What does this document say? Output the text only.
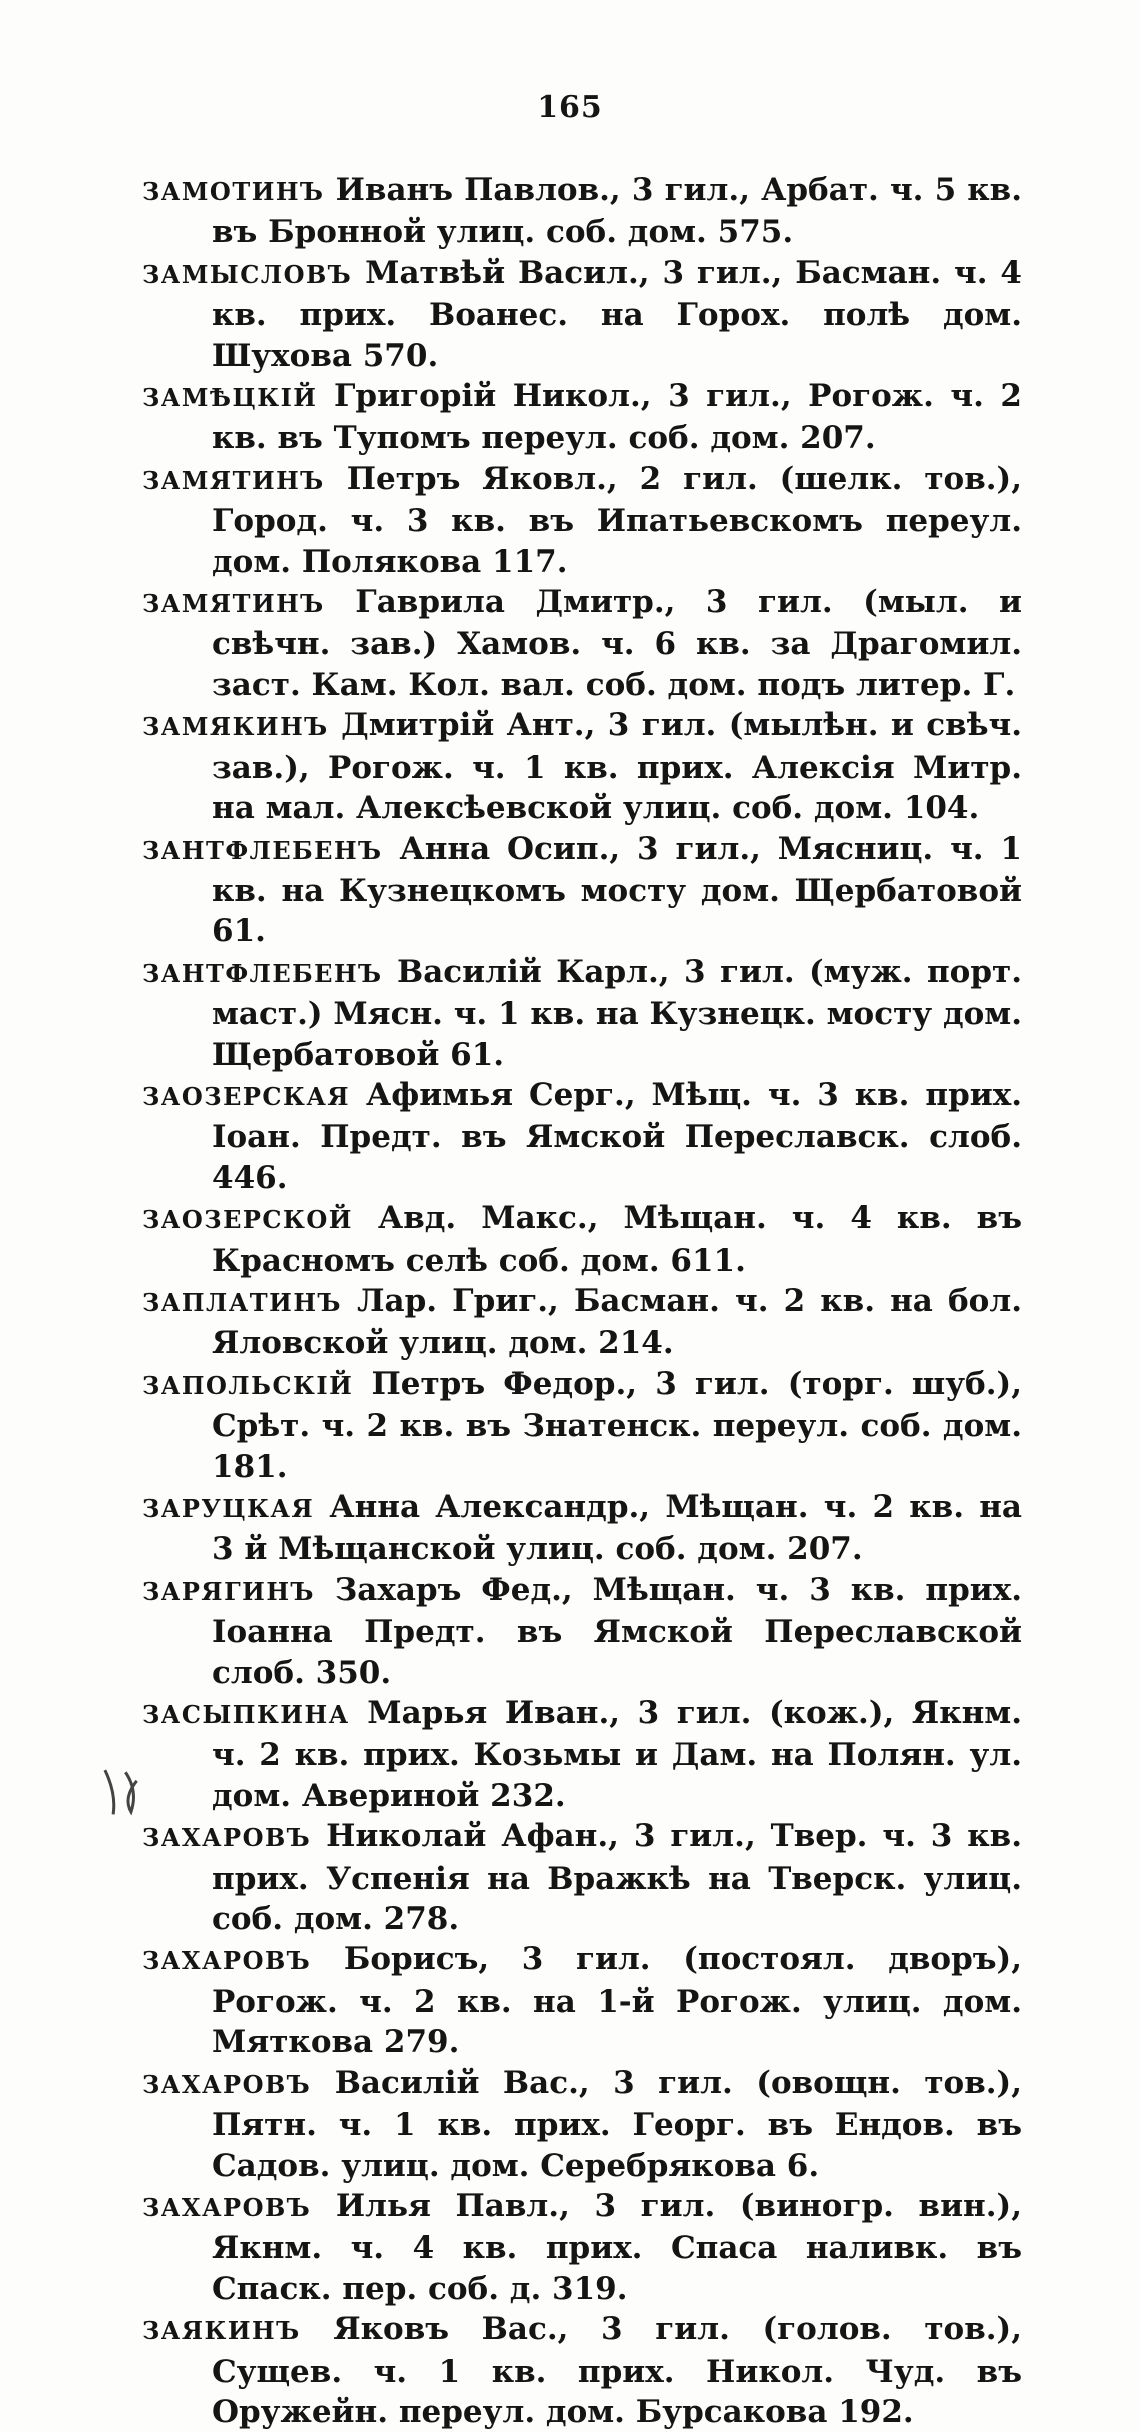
165

ЗАМОТИНЪ Иванъ Павлов., 3 гил., Арбат. ч. 5 кв. въ Бронной улиц. соб. дом. 575.

ЗАМЫСЛОВЪ Матвѣй Васил., 3 гил., Басман. ч. 4 кв. прих. Воанес. на Горох. полѣ дом. Шухова 570.

ЗАМѢЦКІЙ Григорій Никол., 3 гил., Рогож. ч. 2 кв. въ Тупомъ переул. соб. дом. 207.

ЗАМЯТИНЪ Петръ Яковл., 2 гил. (шелк. тов.), Город. ч. 3 кв. въ Ипатьевскомъ переул. дом. Полякова 117.

ЗАМЯТИНЪ Гаврила Дмитр., 3 гил. (мыл. и свѣчн. зав.) Хамов. ч. 6 кв. за Драгомил. заст. Кам. Кол. вал. соб. дом. подъ литер. Г.

ЗАМЯКИНЪ Дмитрій Ант., 3 гил. (мылѣн. и свѣч. зав.), Рогож. ч. 1 кв. прих. Алексія Митр. на мал. Алексѣевской улиц. соб. дом. 104.

ЗАНТФЛЕБЕНЪ Анна Осип., 3 гил., Мясниц. ч. 1 кв. на Кузнецкомъ мосту дом. Щербатовой 61.

ЗАНТФЛЕБЕНЪ Василій Карл., 3 гил. (муж. порт. маст.) Мясн. ч. 1 кв. на Кузнецк. мосту дом. Щербатовой 61.

ЗАОЗЕРСКАЯ Афимья Серг., Мѣщ. ч. 3 кв. прих. Іоан. Предт. въ Ямской Переславск. слоб. 446.

ЗАОЗЕРСКОЙ Авд. Макс., Мѣщан. ч. 4 кв. въ Красномъ селѣ соб. дом. 611.

ЗАПЛАТИНЪ Лар. Григ., Басман. ч. 2 кв. на бол. Яловской улиц. дом. 214.

ЗАПОЛЬСКІЙ Петръ Федор., 3 гил. (торг. шуб.), Срѣт. ч. 2 кв. въ Знатенск. переул. соб. дом. 181.

ЗАРУЦКАЯ Анна Александр., Мѣщан. ч. 2 кв. на 3 й Мѣщанской улиц. соб. дом. 207.

ЗАРЯГИНЪ Захаръ Фед., Мѣщан. ч. 3 кв. прих. Іоанна Предт. въ Ямской Переславской слоб. 350.

ЗАСЫПКИНА Марья Иван., 3 гил. (кож.), Якнм. ч. 2 кв. прих. Козьмы и Дам. на Полян. ул. дом. Авериной 232.

ЗАХАРОВЪ Николай Афан., 3 гил., Твер. ч. 3 кв. прих. Успенія на Вражкѣ на Тверск. улиц. соб. дом. 278.

ЗАХАРОВЪ Борисъ, 3 гил. (постоял. дворъ), Рогож. ч. 2 кв. на 1-й Рогож. улиц. дом. Мяткова 279.

ЗАХАРОВЪ Василій Вас., 3 гил. (овощн. тов.), Пятн. ч. 1 кв. прих. Георг. въ Ендов. въ Садов. улиц. дом. Серебрякова 6.

ЗАХАРОВЪ Илья Павл., 3 гил. (виногр. вин.), Якнм. ч. 4 кв. прих. Спаса наливк. въ Спаск. пер. соб. д. 319.

ЗАЯКИНЪ Яковъ Вас., 3 гил. (голов. тов.), Сущев. ч. 1 кв. прих. Никол. Чуд. въ Оружейн. переул. дом. Бурсакова 192.
